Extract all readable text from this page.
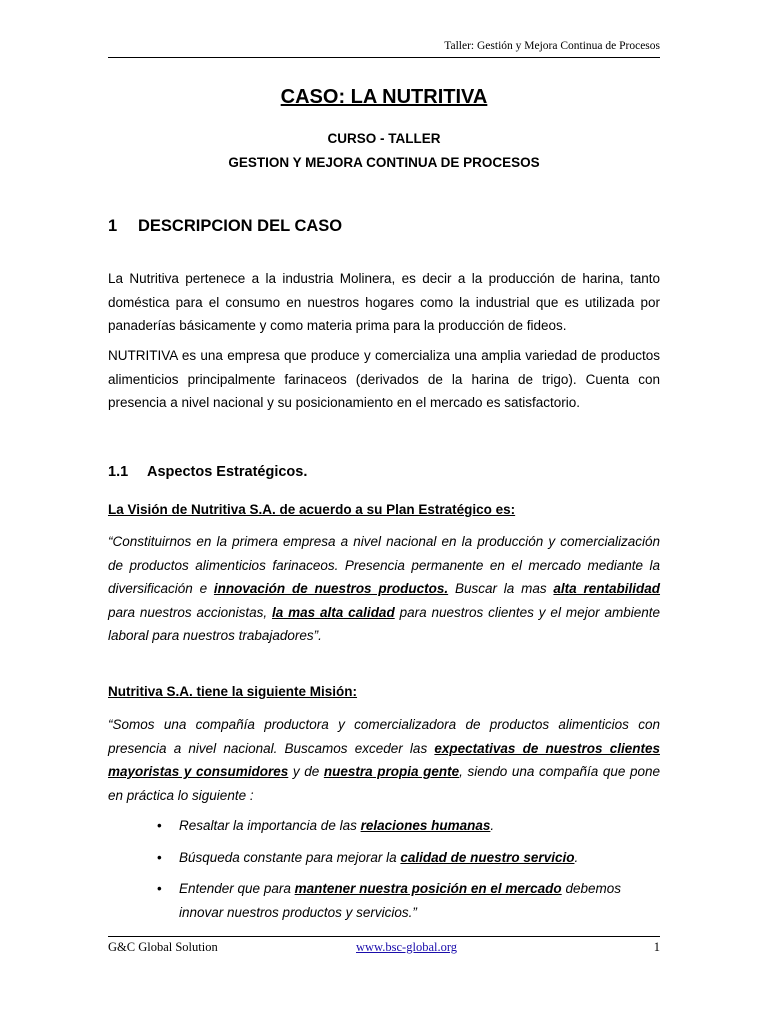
Taller: Gestión y Mejora Continua de Procesos
CASO: LA NUTRITIVA

CURSO - TALLER

GESTION Y MEJORA CONTINUA DE PROCESOS

1 DESCRIPCION DEL CASO

La Nutritiva pertenece a la industria Molinera, es decir a la producción de harina, tanto doméstica para el consumo en nuestros hogares como la industrial que es utilizada por panaderías básicamente y como materia prima para la producción de fideos.

NUTRITIVA es una empresa que produce y comercializa una amplia variedad de productos alimenticios principalmente farinaceos (derivados de la harina de trigo). Cuenta con presencia a nivel nacional y su posicionamiento en el mercado es satisfactorio.

1.1 Aspectos Estratégicos.

La Visión de Nutritiva S.A. de acuerdo a su Plan Estratégico es:

“Constituirnos en la primera empresa a nivel nacional en la producción y comercialización de productos alimenticios farinaceos. Presencia permanente en el mercado mediante la diversificación e innovación de nuestros productos. Buscar la mas alta rentabilidad para nuestros accionistas, la mas alta calidad para nuestros clientes y el mejor ambiente laboral para nuestros trabajadores”.

Nutritiva S.A. tiene la siguiente Misión:

“Somos una compañía productora y comercializadora de productos alimenticios con presencia a nivel nacional. Buscamos exceder las expectativas de nuestros clientes mayoristas y consumidores y de nuestra propia gente, siendo una compañía que pone en práctica lo siguiente :

• Resaltar la importancia de las relaciones humanas.
• Búsqueda constante para mejorar la calidad de nuestro servicio.
• Entender que para mantener nuestra posición en el mercado debemos innovar nuestros productos y servicios.”
G&C Global Solution	www.bsc-global.org	1
